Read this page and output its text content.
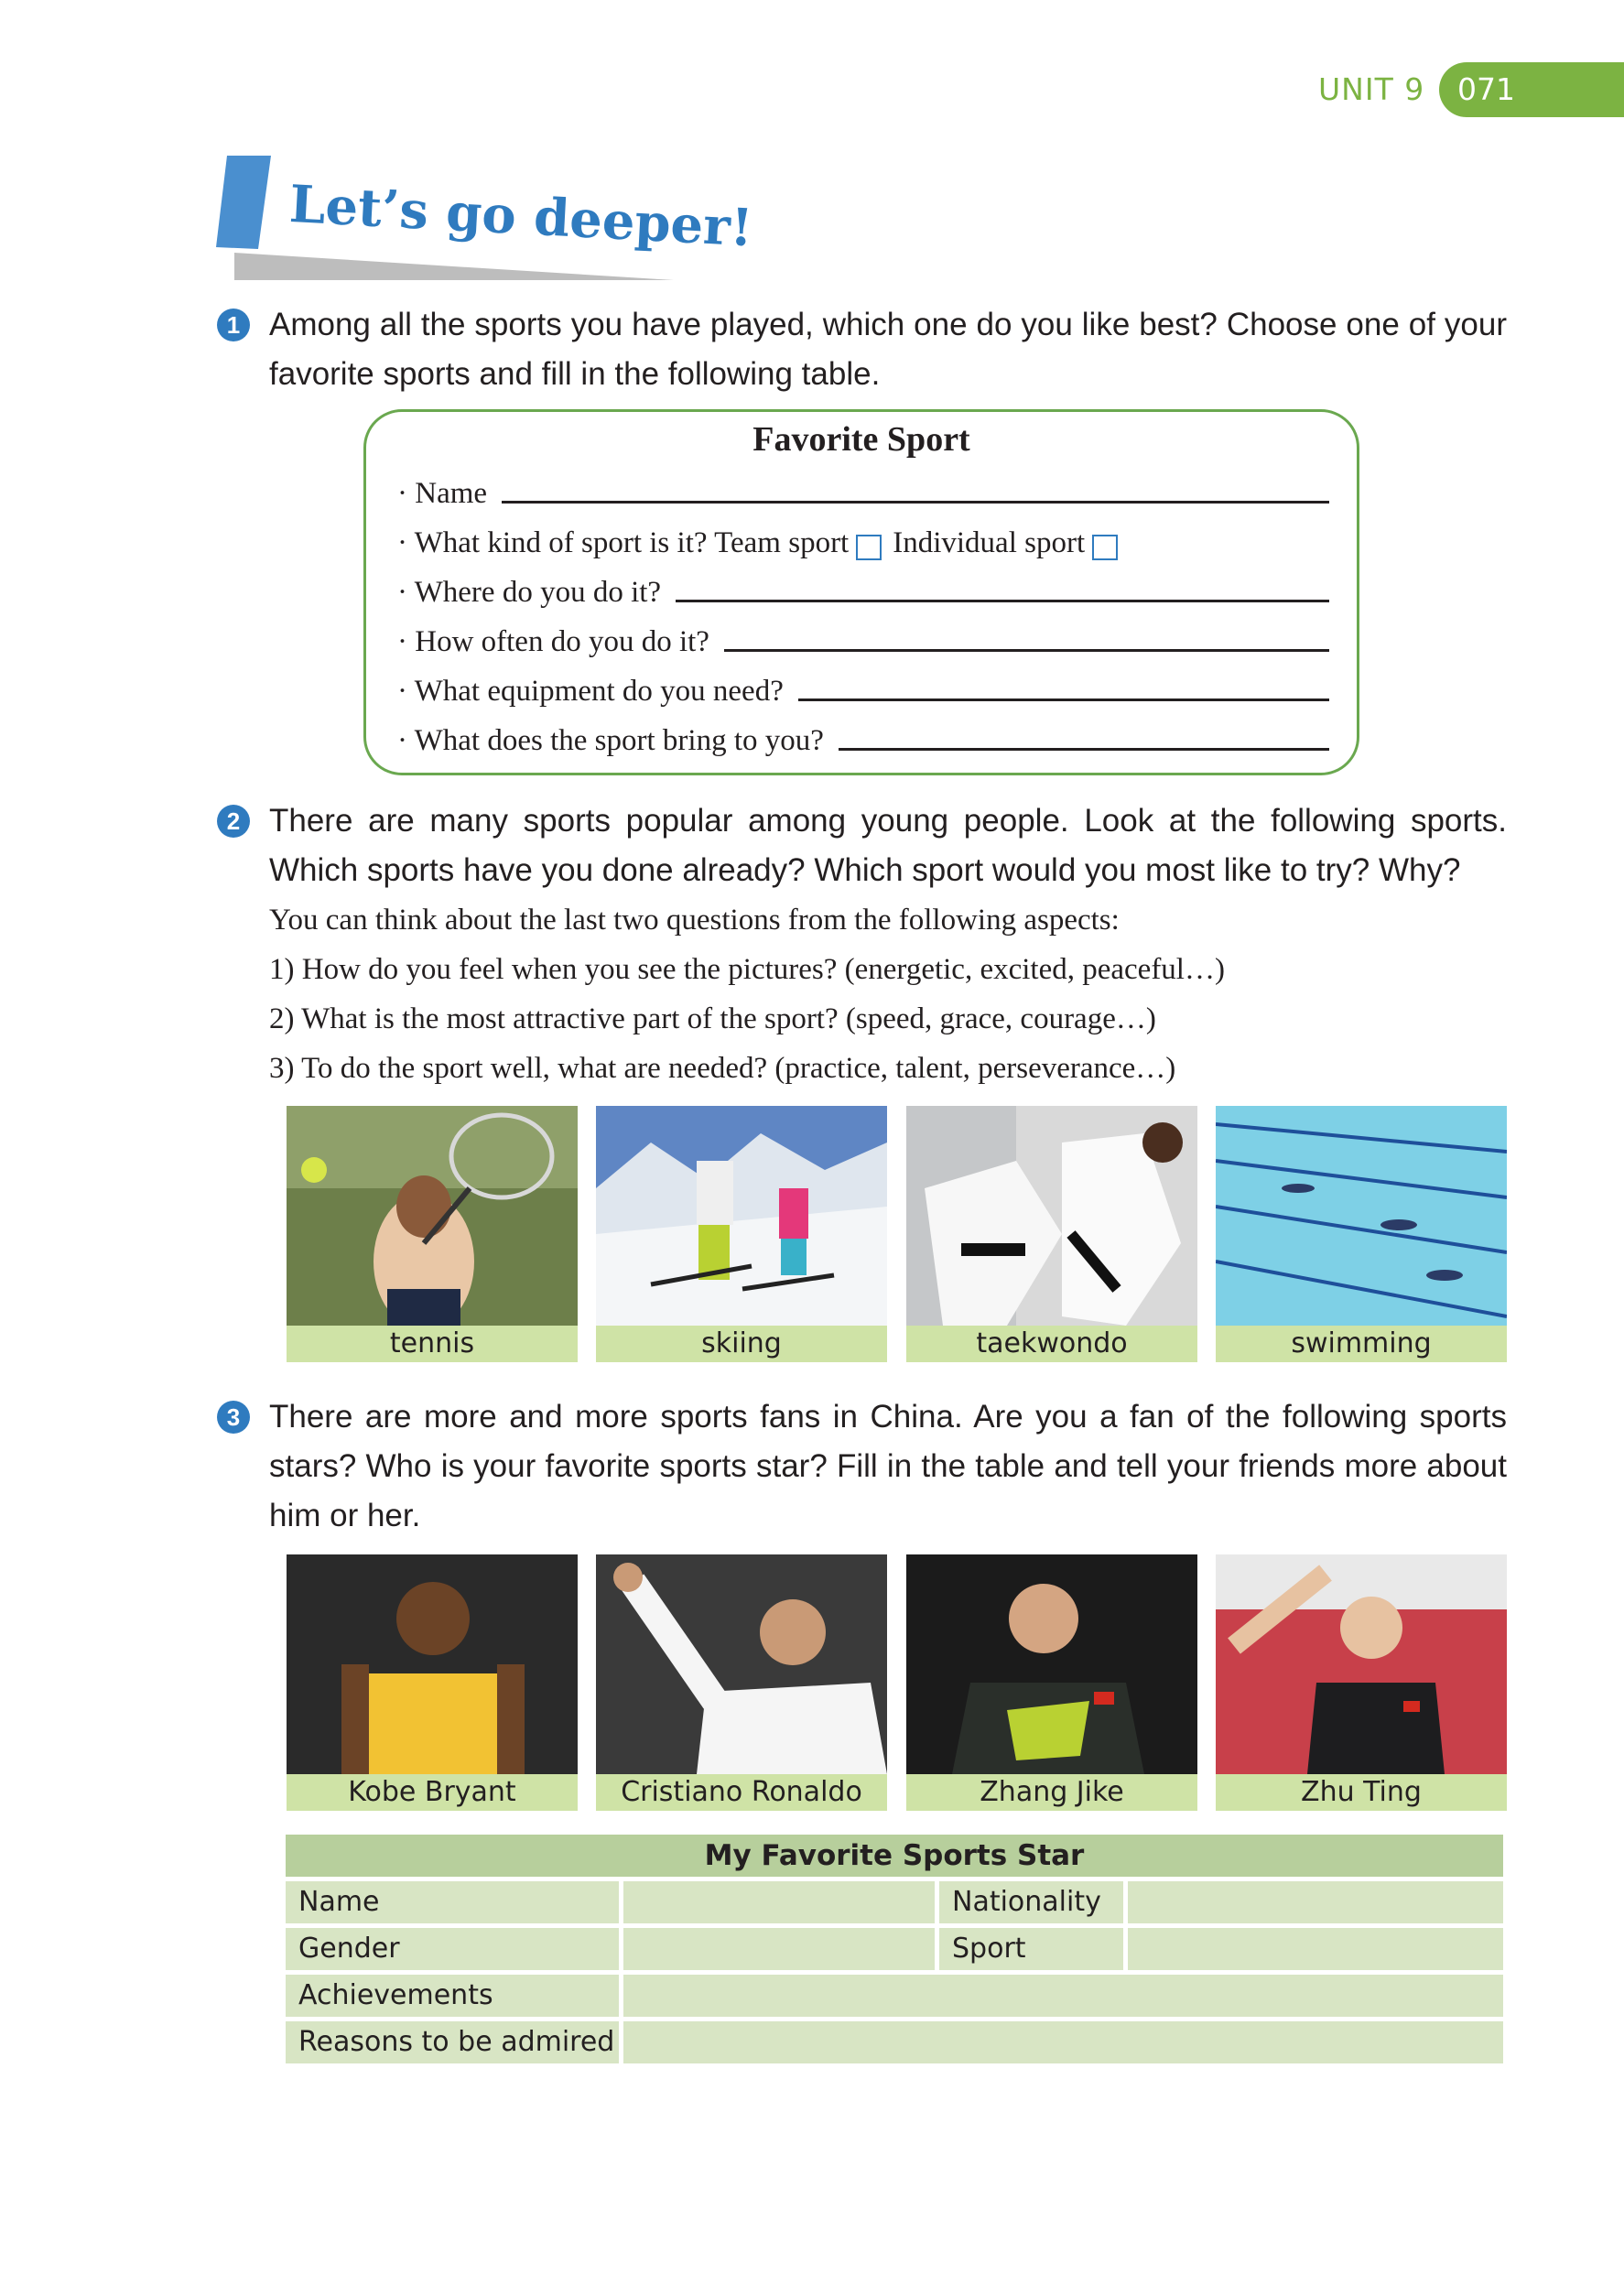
UNIT 9 071
Let’s go deeper!
1 Among all the sports you have played, which one do you like best? Choose one of your favorite sports and fill in the following table.
Favorite Sport
· Name
· What kind of sport is it? Team sport Individual sport
· Where do you do it?
· How often do you do it?
· What equipment do you need?
· What does the sport bring to you?
2 There are many sports popular among young people. Look at the following sports. Which sports have you done already? Which sport would you most like to try? Why?
You can think about the last two questions from the following aspects:
1) How do you feel when you see the pictures? (energetic, excited, peaceful…)
2) What is the most attractive part of the sport? (speed, grace, courage…)
3) To do the sport well, what are needed? (practice, talent, perseverance…)
tennis	skiing	taekwondo	swimming
3 There are more and more sports fans in China. Are you a fan of the following sports stars? Who is your favorite sports star? Fill in the table and tell your friends more about him or her.
Kobe Bryant	Cristiano Ronaldo	Zhang Jike	Zhu Ting
My Favorite Sports Star
Name	Nationality
Gender	Sport
Achievements
Reasons to be admired
